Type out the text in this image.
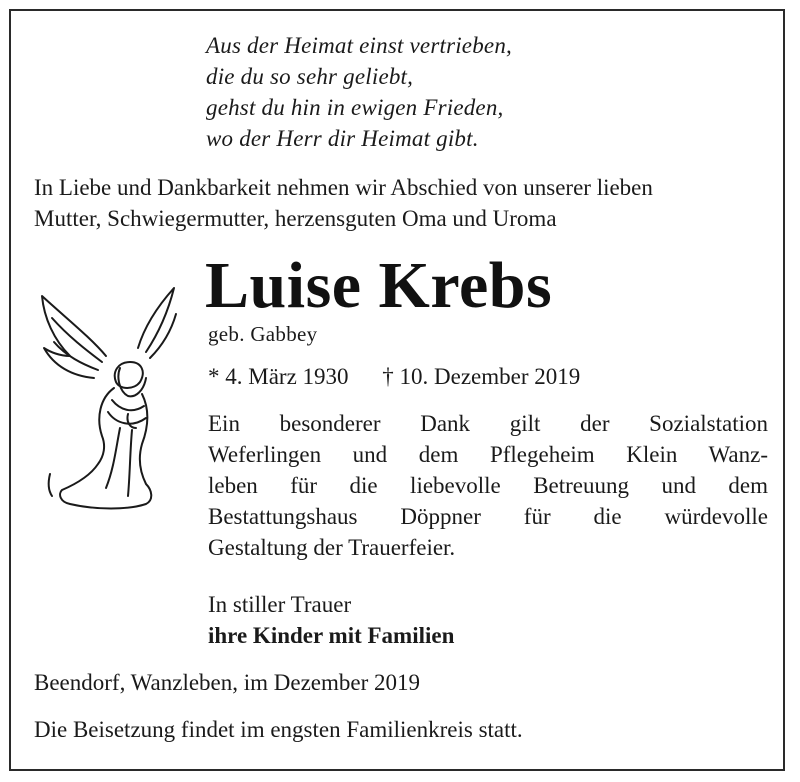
Aus der Heimat einst vertrieben,
die du so sehr geliebt,
gehst du hin in ewigen Frieden,
wo der Herr dir Heimat gibt.
In Liebe und Dankbarkeit nehmen wir Abschied von unserer lieben
Mutter, Schwiegermutter, herzensguten Oma und Uroma
Luise Krebs
geb. Gabbey
* 4. März 1930 † 10. Dezember 2019
Ein besonderer Dank gilt der Sozialstation
Weferlingen und dem Pflegeheim Klein Wanz-
leben für die liebevolle Betreuung und dem
Bestattungshaus Döppner für die würdevolle
Gestaltung der Trauerfeier.
In stiller Trauer
ihre Kinder mit Familien
Beendorf, Wanzleben, im Dezember 2019
Die Beisetzung findet im engsten Familienkreis statt.
